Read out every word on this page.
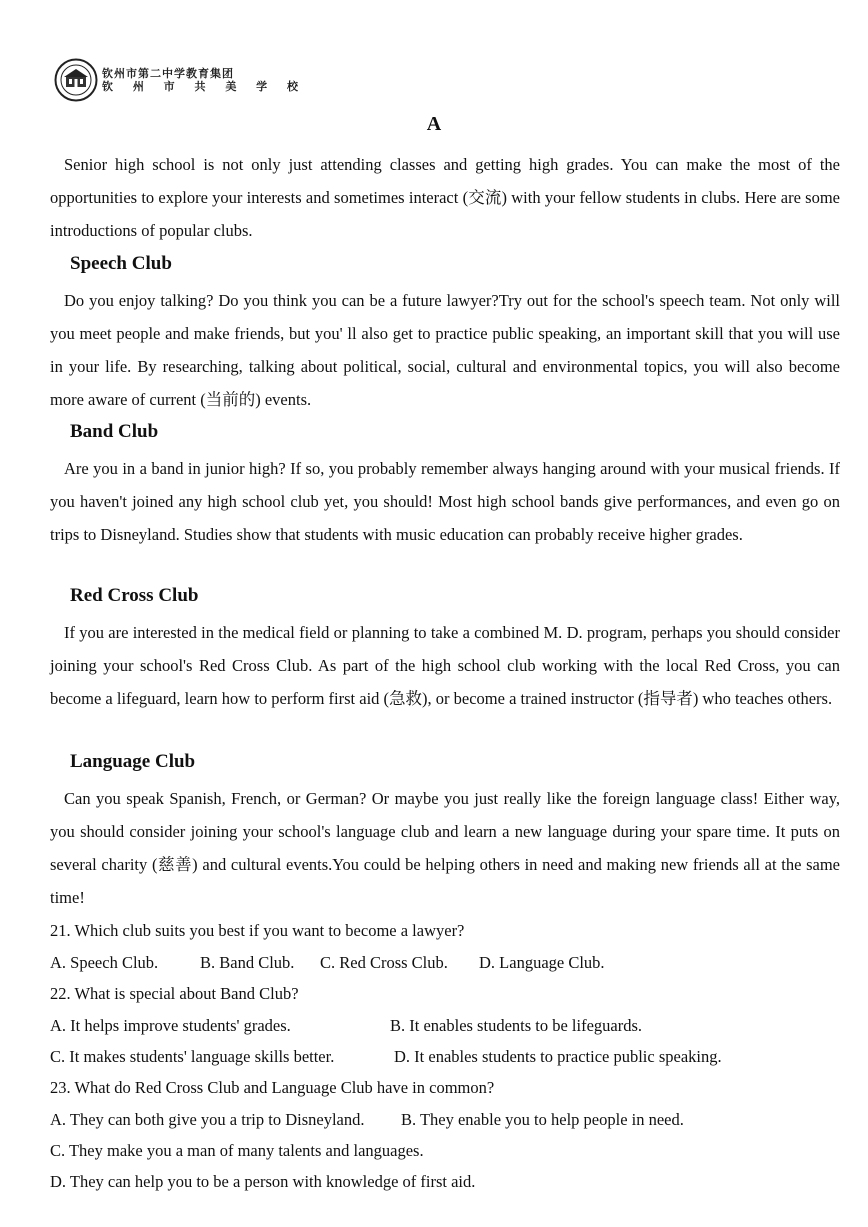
钦州市第二中学教育集团
钦 州 市 共 美 学 校
A

Senior high school is not only just attending classes and getting high grades. You can make the most of the opportunities to explore your interests and sometimes interact (交流) with your fellow students in clubs. Here are some introductions of popular clubs.

Speech Club

Do you enjoy talking? Do you think you can be a future lawyer?Try out for the school's speech team. Not only will you meet people and make friends, but you' ll also get to practice public speaking, an important skill that you will use in your life. By researching, talking about political, social, cultural and environmental topics, you will also become more aware of current (当前的) events.

Band Club

Are you in a band in junior high? If so, you probably remember always hanging around with your musical friends. If you haven't joined any high school club yet, you should! Most high school bands give performances, and even go on trips to Disneyland. Studies show that students with music education can probably receive higher grades.

Red Cross Club

If you are interested in the medical field or planning to take a combined M. D. program, perhaps you should consider joining your school's Red Cross Club. As part of the high school club working with the local Red Cross, you can become a lifeguard, learn how to perform first aid (急救), or become a trained instructor (指导者) who teaches others.

Language Club

Can you speak Spanish, French, or German? Or maybe you just really like the foreign language class! Either way, you should consider joining your school's language club and learn a new language during your spare time. It puts on several charity (慈善) and cultural events.You could be helping others in need and making new friends all at the same time!

21. Which club suits you best if you want to become a lawyer?

A. Speech Club.	B. Band Club. C. Red Cross Club. D. Language Club.

22. What is special about Band Club?

A. It helps improve students' grades.	B. It enables students to be lifeguards.
C. It makes students' language skills better.	D. It enables students to practice public speaking.

23. What do Red Cross Club and Language Club have in common?

A. They can both give you a trip to Disneyland. B. They enable you to help people in need.
C. They make you a man of many talents and languages.
D. They can help you to be a person with knowledge of first aid.
